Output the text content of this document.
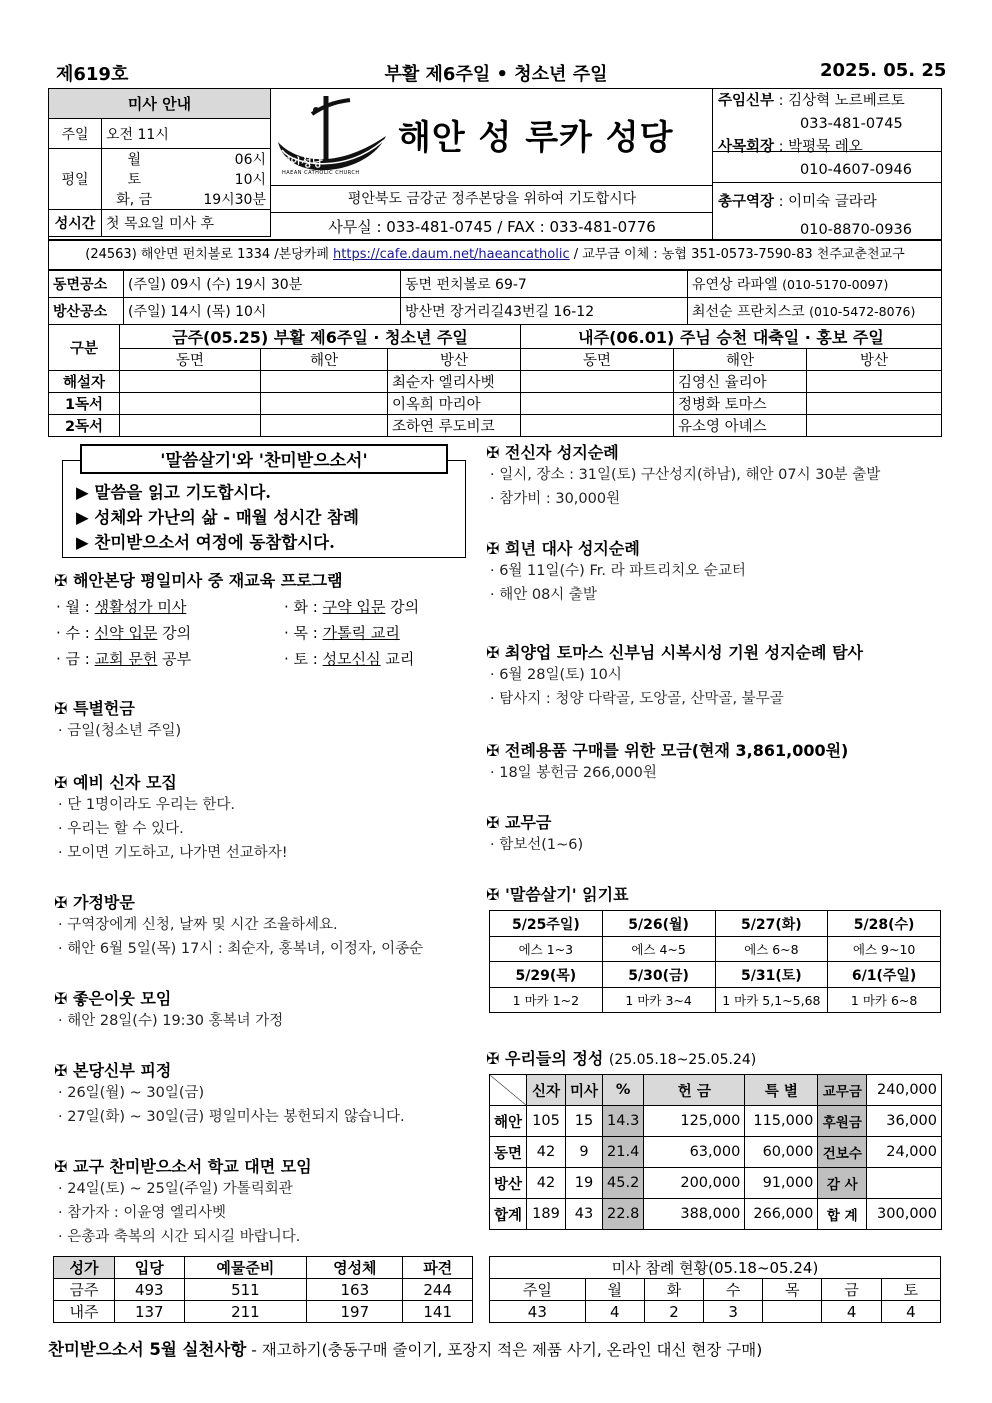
제619호	부활 제6주일 • 청소년 주일	2025. 05. 25
미사 안내		
주일	오전 11시	
평일	월	06시
	토	10시
	화, 금	19시30분
성시간	첫 목요일 미사 후	
해안성당
HAEAN CATHOLIC CHURCH
해안 성 루카 성당
평안북도 금강군 정주본당을 위하여 기도합시다
사무실 : 033-481-0745 / FAX : 033-481-0776
주임신부 : 김상혁 노르베르토
033-481-0745
사목회장 : 박평묵 레오
010-4607-0946
총구역장 : 이미숙 글라라
010-8870-0936
(24563) 해안면 펀치볼로 1334 /본당카페 https://cafe.daum.net/haeancatholic / 교무금 이체 : 농협 351-0573-7590-83 천주교춘천교구
동면공소	(주일) 09시 (수) 19시 30분	동면 펀치볼로 69-7	유연상 라파엘 (010-5170-0097)
방산공소	(주일) 14시 (목) 10시	방산면 장거리길43번길 16-12	최선순 프란치스코 (010-5472-8076)
구분	금주(05.25) 부활 제6주일 · 청소년 주일			내주(06.01) 주님 승천 대축일 · 홍보 주일		
	동면	해안	방산	동면	해안	방산
해설자			최순자 엘리사벳		김영신 율리아	
1독서			이옥희 마리아		정병화 토마스	
2독서			조하연 루도비코		유소영 아녜스	
'말씀살기'와 '찬미받으소서'
▶ 말씀을 읽고 기도합시다.
▶ 성체와 가난의 삶 - 매월 성시간 참례
▶ 찬미받으소서 여정에 동참합시다.
✠ 해안본당 평일미사 중 재교육 프로그램
· 월 : 생활성가 미사	· 화 : 구약 입문 강의
· 수 : 신약 입문 강의	· 목 : 가톨릭 교리
· 금 : 교회 문헌 공부	· 토 : 성모신심 교리
✠ 특별헌금
· 금일(청소년 주일)
✠ 예비 신자 모집
· 단 1명이라도 우리는 한다.
· 우리는 할 수 있다.
· 모이면 기도하고, 나가면 선교하자!
✠ 가정방문
· 구역장에게 신청, 날짜 및 시간 조율하세요.
· 해안 6월 5일(목) 17시 : 최순자, 홍복녀, 이정자, 이종순
✠ 좋은이웃 모임
· 해안 28일(수) 19:30 홍복녀 가정
✠ 본당신부 피정
· 26일(월) ~ 30일(금)
· 27일(화) ~ 30일(금) 평일미사는 봉헌되지 않습니다.
✠ 교구 찬미받으소서 학교 대면 모임
· 24일(토) ~ 25일(주일) 가톨릭회관
· 참가자 : 이윤영 엘리사벳
· 은총과 축복의 시간 되시길 바랍니다.
✠ 전신자 성지순례
· 일시, 장소 : 31일(토) 구산성지(하남), 해안 07시 30분 출발
· 참가비 : 30,000원
✠ 희년 대사 성지순례
· 6월 11일(수) Fr. 라 파트리치오 순교터
· 해안 08시 출발
✠ 최양업 토마스 신부님 시복시성 기원 성지순례 탐사
· 6월 28일(토) 10시
· 탐사지 : 청양 다락골, 도앙골, 산막골, 불무골
✠ 전례용품 구매를 위한 모금(현재 3,861,000원)
· 18일 봉헌금 266,000원
✠ 교무금
· 함보선(1~6)
✠ '말씀살기' 읽기표
5/25주일)	5/26(월)	5/27(화)	5/28(수)
에스 1~3	에스 4~5	에스 6~8	에스 9~10
5/29(목)	5/30(금)	5/31(토)	6/1(주일)
1 마카 1~2	1 마카 3~4	1 마카 5,1~5,68	1 마카 6~8
✠ 우리들의 정성 (25.05.18~25.05.24)
	신자	미사	%	헌 금	특 별	교무금	240,000
해안	105	15	14.3	125,000	115,000	후원금	36,000
동면	42	9	21.4	63,000	60,000	건보수	24,000
방산	42	19	45.2	200,000	91,000	감 사	
합계	189	43	22.8	388,000	266,000	합 계	300,000
성가	입당	예물준비	영성체	파견
금주	493	511	163	244
내주	137	211	197	141
미사 참례 현황(05.18~05.24)						
주일	월	화	수	목	금	토
43	4	2	3		4	4
찬미받으소서 5월 실천사항 - 재고하기(충동구매 줄이기, 포장지 적은 제품 사기, 온라인 대신 현장 구매)
